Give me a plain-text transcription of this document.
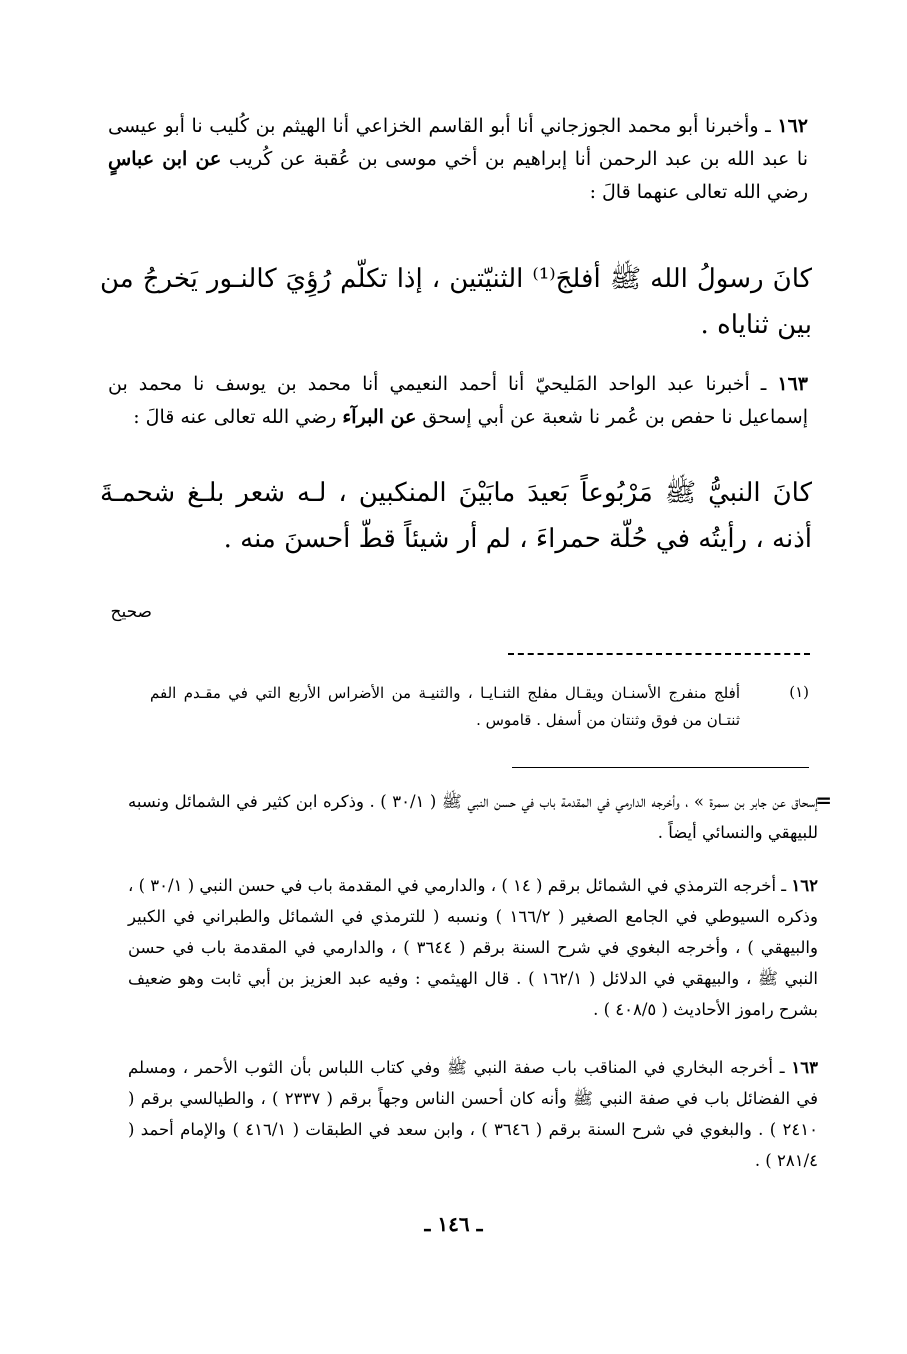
١٦٢ ـ وأخبرنا أبو محمد الجوزجاني أنا أبو القاسم الخزاعي أنا الهيثم بن كُليب نا أبو عيسى نا عبد الله بن عبد الرحمن أنا إبراهيم بن أخي موسى بن عُقبة عن كُريب عن ابن عباسٍ رضي الله تعالى عنهما قالَ :

كانَ رسولُ الله ﷺ أفلجَ⁽¹⁾ الثنيّتين ، إذا تكلّم رُؤِيَ كالنـور يَخرجُ من بين ثناياه .

١٦٣ ـ أخبرنا عبد الواحد المَليحيّ أنا أحمد النعيمي أنا محمد بن يوسف نا محمد بن إسماعيل نا حفص بن عُمر نا شعبة عن أبي إسحق عن البرآء رضي الله تعالى عنه قالَ :

كانَ النبيُّ ﷺ مَرْبُوعاً بَعيدَ مابَيْنَ المنكبين ، لـه شعر بلـغ شحمـةَ أذنه ، رأيتُه في حُلّة حمراءَ ، لم أر شيئاً قطّ أحسنَ منه .

صحيح
(١)

أفلج منفرج الأسنـان ويقـال مفلج الثنـايـا ، والثنيـة من الأضراس الأربع التي في مقـدم الفم ثنتـان من فوق وثنتان من أسفل . قاموس .

=

إسحاق عن جابر بن سمرة » ، وأخرجه الدارمي في المقدمة باب في حسن النبي ﷺ ( ٣٠/١ ) . وذكره ابن كثير في الشمائل ونسبه للبيهقي والنسائي أيضاً .

١٦٢ ـ أخرجه الترمذي في الشمائل برقم ( ١٤ ) ، والدارمي في المقدمة باب في حسن النبي ( ٣٠/١ ) ، وذكره السيوطي في الجامع الصغير ( ١٦٦/٢ ) ونسبه ( للترمذي في الشمائل والطبراني في الكبير والبيهقي ) ، وأخرجه البغوي في شرح السنة برقم ( ٣٦٤٤ ) ، والدارمي في المقدمة باب في حسن النبي ﷺ ، والبيهقي في الدلائل ( ١٦٢/١ ) . قال الهيثمي : وفيه عبد العزيز بن أبي ثابت وهو ضعيف بشرح راموز الأحاديث ( ٤٠٨/٥ ) .

١٦٣ ـ أخرجه البخاري في المناقب باب صفة النبي ﷺ وفي كتاب اللباس بأن الثوب الأحمر ، ومسلم في الفضائل باب في صفة النبي ﷺ وأنه كان أحسن الناس وجهاً برقم ( ٢٣٣٧ ) ، والطيالسي برقم ( ٢٤١٠ ) . والبغوي في شرح السنة برقم ( ٣٦٤٦ ) ، وابن سعد في الطبقات ( ٤١٦/١ ) والإمام أحمد ( ٢٨١/٤ ) .

ـ ١٤٦ ـ
